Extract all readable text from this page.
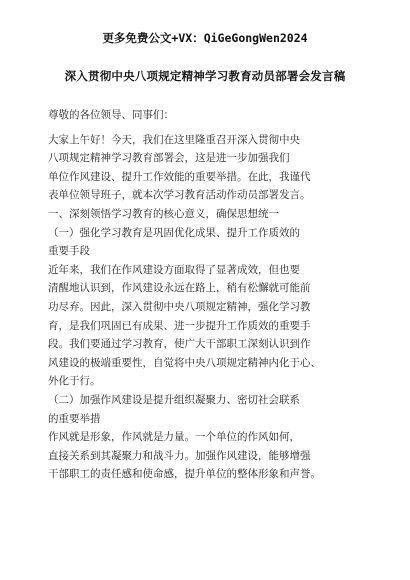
更多免费公文+VX：QiGeGongWen2024
深入贯彻中央八项规定精神学习教育动员部署会发言稿
尊敬的各位领导、同事们：
大家上午好！今天，我们在这里隆重召开深入贯彻中央
八项规定精神学习教育部署会，这是进一步加强我们
单位作风建设、提升工作效能的重要举措。在此，我谨代
表单位领导班子，就本次学习教育活动作动员部署发言。
一、深刻领悟学习教育的核心意义，确保思想统一
（一）强化学习教育是巩固优化成果、提升工作质效的
重要手段
近年来，我们在作风建设方面取得了显著成效，但也要
清醒地认识到，作风建设永远在路上，稍有松懈就可能前
功尽弃。因此，深入贯彻中央八项规定精神，强化学习教
育，是我们巩固已有成果、进一步提升工作质效的重要手
段。我们要通过学习教育，使广大干部职工深刻认识到作
风建设的极端重要性，自觉将中央八项规定精神内化于心、
外化于行。
（二）加强作风建设是提升组织凝聚力、密切社会联系
的重要举措
作风就是形象，作风就是力量。一个单位的作风如何，
直接关系到其凝聚力和战斗力。加强作风建设，能够增强
干部职工的责任感和使命感，提升单位的整体形象和声誉。
